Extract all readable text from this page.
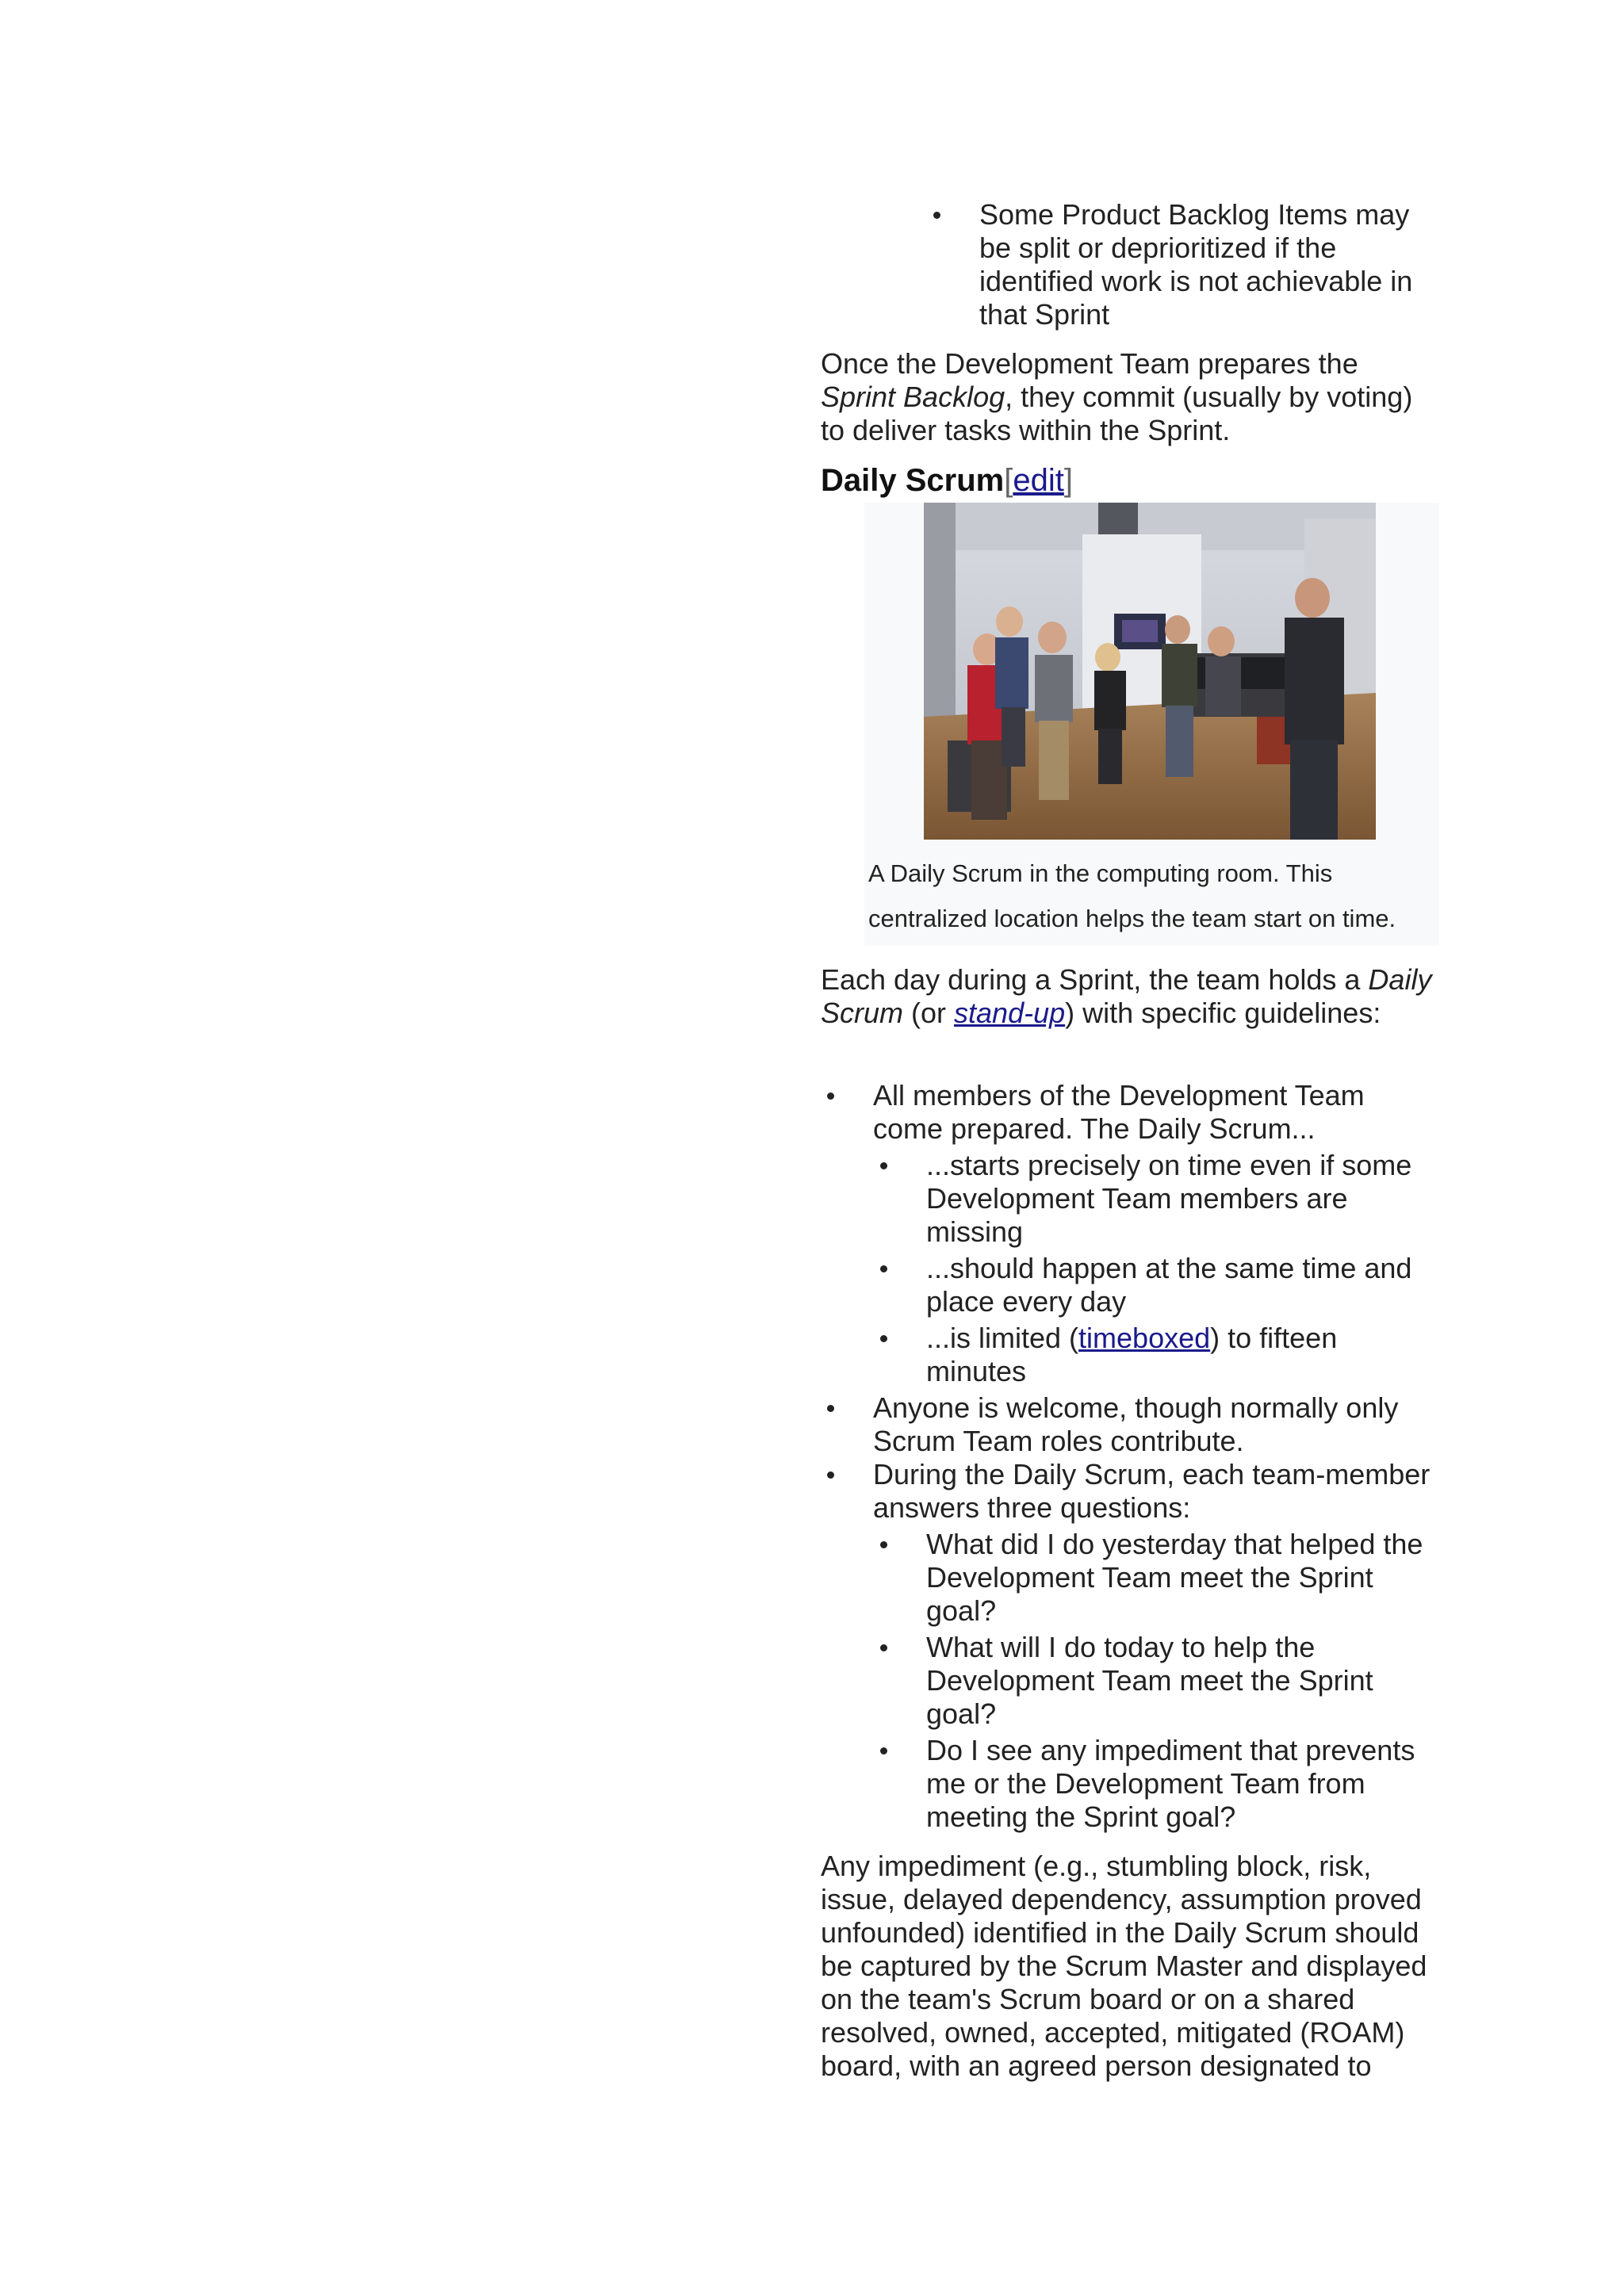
Some Product Backlog Items may be split or deprioritized if the identified work is not achievable in that Sprint

Once the Development Team prepares the Sprint Backlog, they commit (usually by voting) to deliver tasks within the Sprint.

Daily Scrum[edit]
A Daily Scrum in the computing room. This centralized location helps the team start on time.

Each day during a Sprint, the team holds a Daily Scrum (or stand-up) with specific guidelines:

All members of the Development Team come prepared. The Daily Scrum...
...starts precisely on time even if some Development Team members are missing
...should happen at the same time and place every day
...is limited (timeboxed) to fifteen minutes
Anyone is welcome, though normally only Scrum Team roles contribute.
During the Daily Scrum, each team-member answers three questions:
What did I do yesterday that helped the Development Team meet the Sprint goal?
What will I do today to help the Development Team meet the Sprint goal?
Do I see any impediment that prevents me or the Development Team from meeting the Sprint goal?

Any impediment (e.g., stumbling block, risk, issue, delayed dependency, assumption proved unfounded) identified in the Daily Scrum should be captured by the Scrum Master and displayed on the team's Scrum board or on a shared resolved, owned, accepted, mitigated (ROAM) board, with an agreed person designated to
